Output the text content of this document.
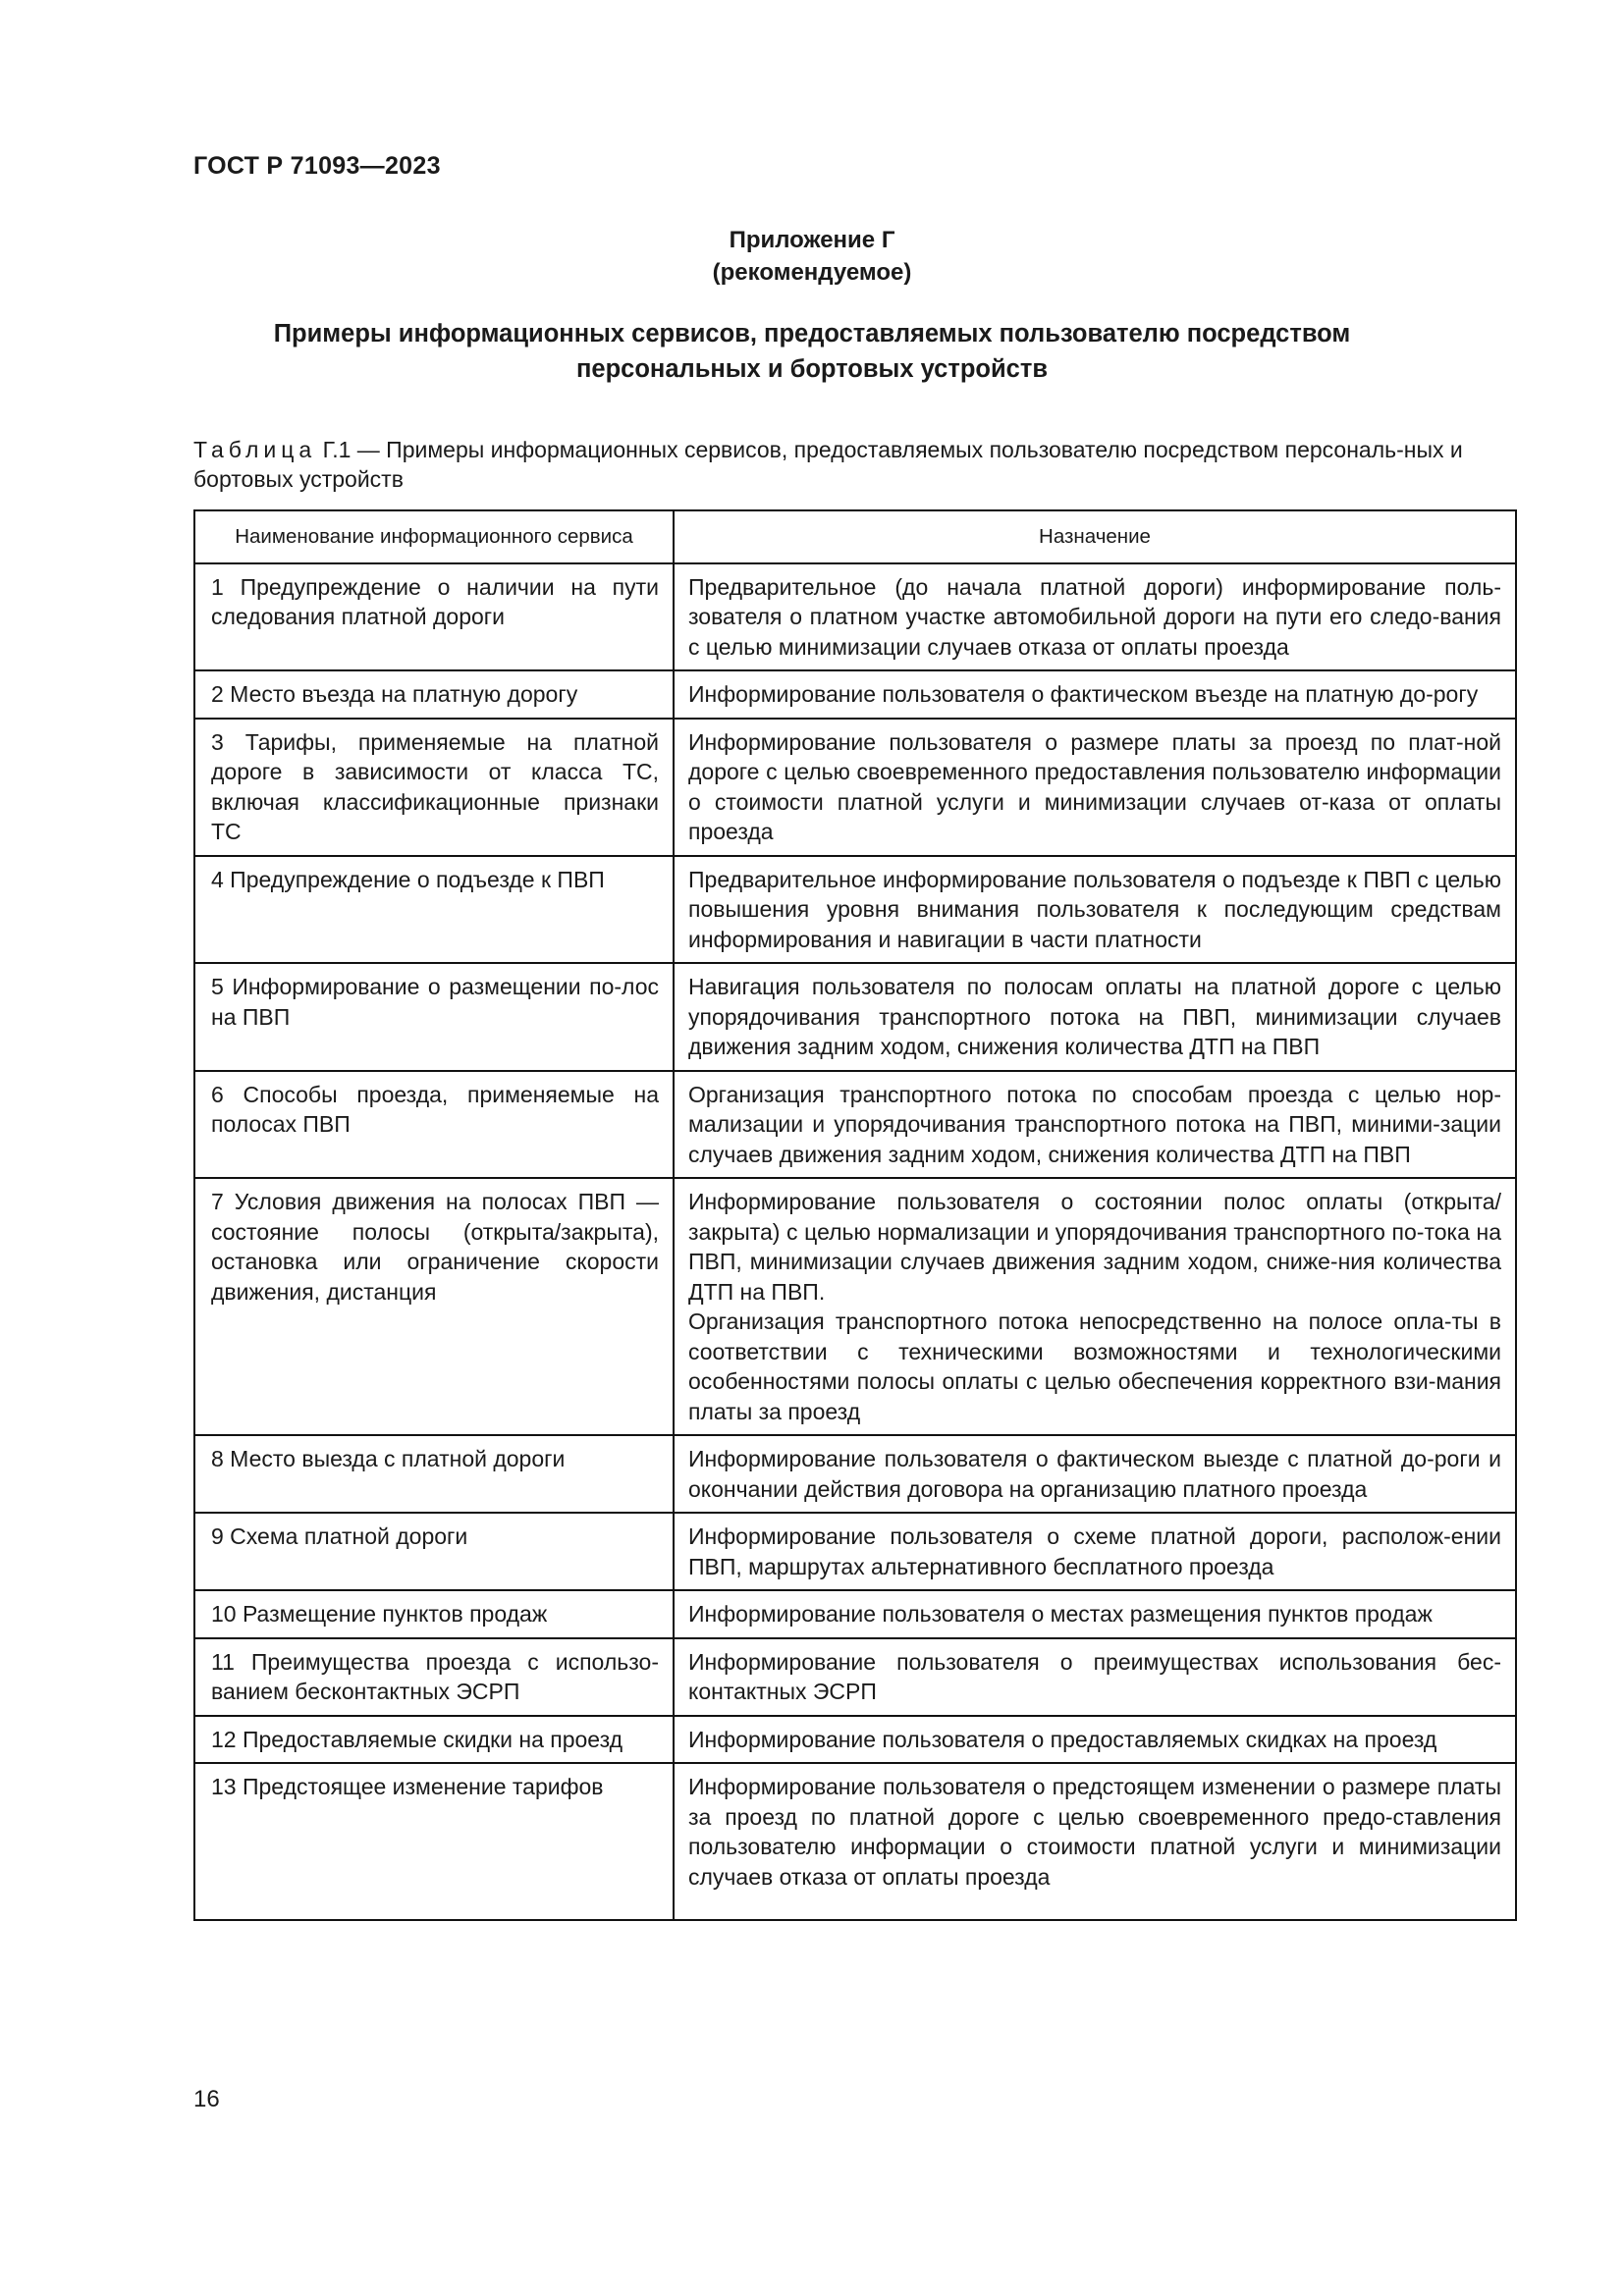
ГОСТ Р 71093—2023
Приложение Г
(рекомендуемое)
Примеры информационных сервисов, предоставляемых пользователю посредством
персональных и бортовых устройств
Таблица Г.1 — Примеры информационных сервисов, предоставляемых пользователю посредством персональ-ных и бортовых устройств
Наименование информационного сервиса	Назначение
1 Предупреждение о наличии на пути следования платной дороги	Предварительное (до начала платной дороги) информирование поль-зователя о платном участке автомобильной дороги на пути его следо-вания с целью минимизации случаев отказа от оплаты проезда
2 Место въезда на платную дорогу	Информирование пользователя о фактическом въезде на платную до-рогу
3 Тарифы, применяемые на платной дороге в зависимости от класса ТС, включая классификационные признаки ТС	Информирование пользователя о размере платы за проезд по плат-ной дороге с целью своевременного предоставления пользователю информации о стоимости платной услуги и минимизации случаев от-каза от оплаты проезда
4 Предупреждение о подъезде к ПВП	Предварительное информирование пользователя о подъезде к ПВП с целью повышения уровня внимания пользователя к последующим средствам информирования и навигации в части платности
5 Информирование о размещении по-лос на ПВП	Навигация пользователя по полосам оплаты на платной дороге с целью упорядочивания транспортного потока на ПВП, минимизации случаев движения задним ходом, снижения количества ДТП на ПВП
6 Способы проезда, применяемые на полосах ПВП	Организация транспортного потока по способам проезда с целью нор-мализации и упорядочивания транспортного потока на ПВП, миними-зации случаев движения задним ходом, снижения количества ДТП на ПВП
7 Условия движения на полосах ПВП — состояние полосы (открыта/закрыта), остановка или ограничение скорости движения, дистанция	Информирование пользователя о состоянии полос оплаты (открыта/ закрыта) с целью нормализации и упорядочивания транспортного по-тока на ПВП, минимизации случаев движения задним ходом, сниже-ния количества ДТП на ПВП.
Организация транспортного потока непосредственно на полосе опла-ты в соответствии с техническими возможностями и технологическими особенностями полосы оплаты с целью обеспечения корректного взи-мания платы за проезд

8 Место выезда с платной дороги	Информирование пользователя о фактическом выезде с платной до-роги и окончании действия договора на организацию платного проезда
9 Схема платной дороги	Информирование пользователя о схеме платной дороги, располож-ении ПВП, маршрутах альтернативного бесплатного проезда
10 Размещение пунктов продаж	Информирование пользователя о местах размещения пунктов продаж
11 Преимущества проезда с использо-ванием бесконтактных ЭСРП	Информирование пользователя о преимуществах использования бес-контактных ЭСРП
12 Предоставляемые скидки на проезд	Информирование пользователя о предоставляемых скидках на проезд
13 Предстоящее изменение тарифов	Информирование пользователя о предстоящем изменении о размере платы за проезд по платной дороге с целью своевременного предо-ставления пользователю информации о стоимости платной услуги и минимизации случаев отказа от оплаты проезда
16
